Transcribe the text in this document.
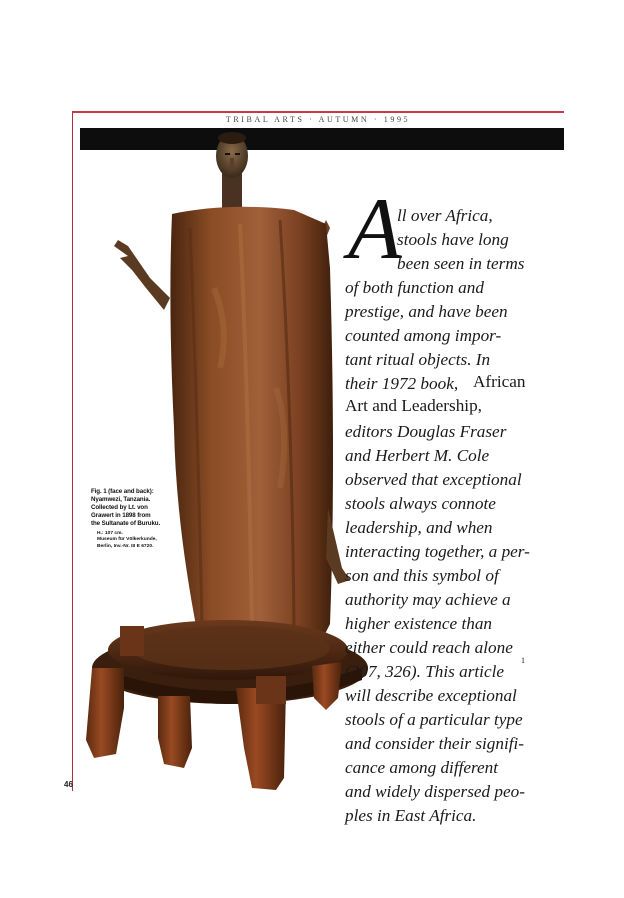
TRIBAL ARTS · AUTUMN · 1995

Fig. 1 (face and back):
Nyamwezi, Tanzania.
Collected by Lt. von
Grawert in 1898 from
the Sultanate of Buruku.

H.: 107 cm.
Museum für Völkerkunde,
Berlin, Inv.-Nr. III E 6720.

A
ll over Africa,
stools have long
been seen in terms
of both function and
prestige, and have been
counted among impor-
tant ritual objects. In
their 1972 book, African
Art and Leadership,
editors Douglas Fraser
and Herbert M. Cole
observed that exceptional
stools always connote
leadership, and when
interacting together, a per-
son and this symbol of
authority may achieve a
higher existence than
either could reach alone
(307, 326). This article
1
will describe exceptional
stools of a particular type
and consider their signifi-
cance among different
and widely dispersed peo-
ples in East Africa.
46
